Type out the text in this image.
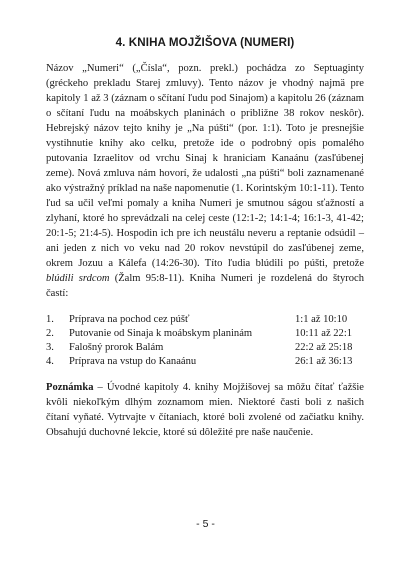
4. KNIHA MOJŽIŠOVA (NUMERI)

Názov „Numeri“ („Čísla“, pozn. prekl.) pochádza zo Septuaginty (gréckeho prekladu Starej zmluvy). Tento názov je vhodný najmä pre kapitoly 1 až 3 (záznam o sčítaní ľudu pod Sinajom) a kapitolu 26 (záznam o sčítaní ľudu na moábskych planinách o približne 38 rokov neskôr). Hebrejský názov tejto knihy je „Na púšti“ (por. 1:1). Toto je presnejšie vystihnutie knihy ako celku, pretože ide o podrobný opis pomalého putovania Izraelitov od vrchu Sinaj k hraniciam Kanaánu (zasľúbenej zeme). Nová zmluva nám hovorí, že udalosti „na púšti“ boli zaznamenané ako výstražný príklad na naše napomenutie (1. Korintským 10:1-11). Tento ľud sa učil veľmi pomaly a kniha Numeri je smutnou ságou sťažností a zlyhaní, ktoré ho sprevádzali na celej ceste (12:1-2; 14:1-4; 16:1-3, 41-42; 20:1-5; 21:4-5). Hospodin ich pre ich neustálu neveru a reptanie odsúdil – ani jeden z nich vo veku nad 20 rokov nevstúpil do zasľúbenej zeme, okrem Jozuu a Kálefa (14:26-30). Títo ľudia blúdili po púšti, pretože blúdili srdcom (Žalm 95:8-11). Kniha Numeri je rozdelená do štyroch častí:

1.	Príprava na pochod cez púšť	1:1 až 10:10
2.	Putovanie od Sinaja k moábskym planinám	10:11 až 22:1
3.	Falošný prorok Balám	22:2 až 25:18
4.	Príprava na vstup do Kanaánu	26:1 až 36:13

Poznámka – Úvodné kapitoly 4. knihy Mojžišovej sa môžu čítať ťažšie kvôli niekoľkým dlhým zoznamom mien. Niektoré časti boli z našich čítaní vyňaté. Vytrvajte v čítaniach, ktoré boli zvolené od začiatku knihy. Obsahujú duchovné lekcie, ktoré sú dôležité pre naše naučenie.

- 5 -
